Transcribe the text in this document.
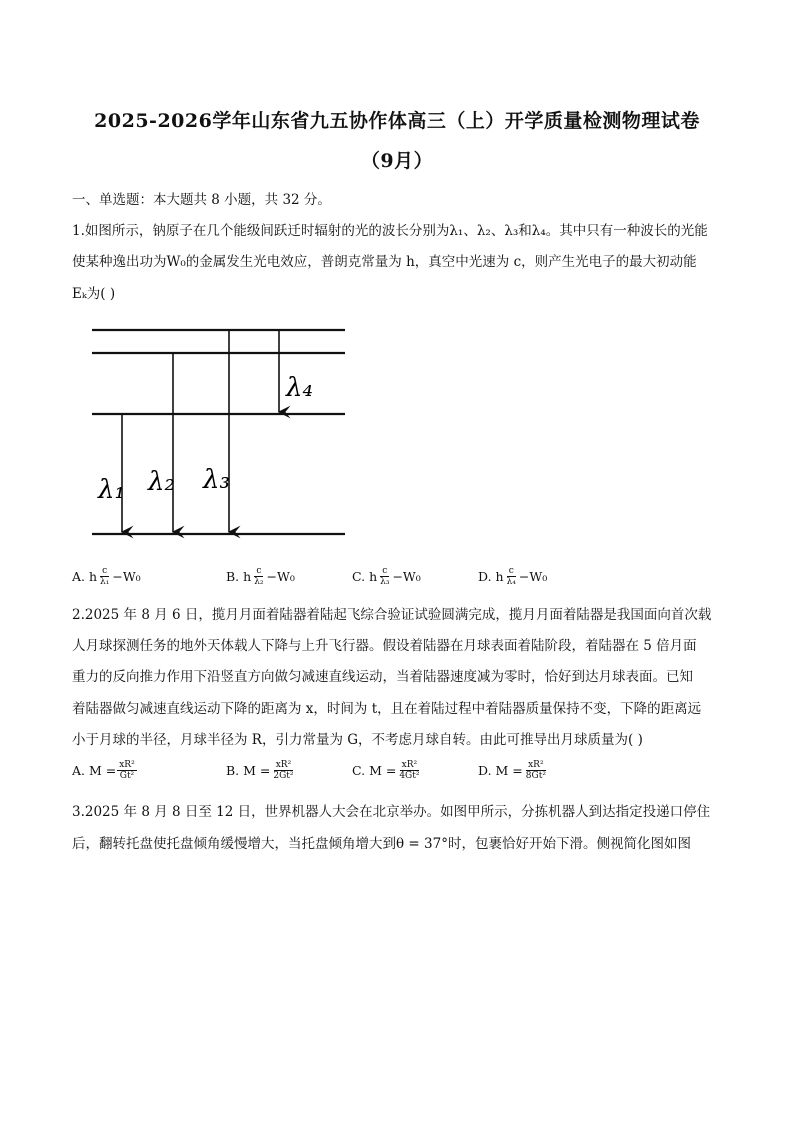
2025-2026学年山东省九五协作体高三（上）开学质量检测物理试卷
（9月）
一、单选题：本大题共 8 小题，共 32 分。
1.如图所示，钠原子在几个能级间跃迁时辐射的光的波长分别为λ₁、λ₂、λ₃和λ₄。其中只有一种波长的光能
使某种逸出功为W₀的金属发生光电效应，普朗克常量为 h，真空中光速为 c，则产生光电子的最大初动能
Eₖ为( )
λ₁ λ₂ λ₃
λ₄
A. h $\frac{c}{\text{λ₁}} -W_0$	B. h $\frac{c}{\text{λ₂}} -W_0$	C. h $\frac{c}{\text{λ₃}} -W_0$	D. h $\frac{c}{\text{λ₄}} -W_0$
2.2025 年 8 月 6 日，揽月月面着陆器着陆起飞综合验证试验圆满完成，揽月月面着陆器是我国面向首次载
人月球探测任务的地外天体载人下降与上升飞行器。假设着陆器在月球表面着陆阶段，着陆器在 5 倍月面
重力的反向推力作用下沿竖直方向做匀减速直线运动，当着陆器速度减为零时，恰好到达月球表面。已知
着陆器做匀减速直线运动下降的距离为 x，时间为 t，且在着陆过程中着陆器质量保持不变，下降的距离远
小于月球的半径，月球半径为 R，引力常量为 G，不考虑月球自转。由此可推导出月球质量为( )
A. $M = \frac{\text{xR²}}{\text{Gt²}}$	B. $M = \frac{\text{xR²}}{\text{2Gt²}}$	C. $M = \frac{\text{xR²}}{\text{4Gt²}}$	D. $M = \frac{\text{xR²}}{\text{8Gt²}}$
3.2025 年 8 月 8 日至 12 日，世界机器人大会在北京举办。如图甲所示，分拣机器人到达指定投递口停住
后，翻转托盘使托盘倾角缓慢增大，当托盘倾角增大到θ = 37°时，包裹恰好开始下滑。侧视简化图如图
